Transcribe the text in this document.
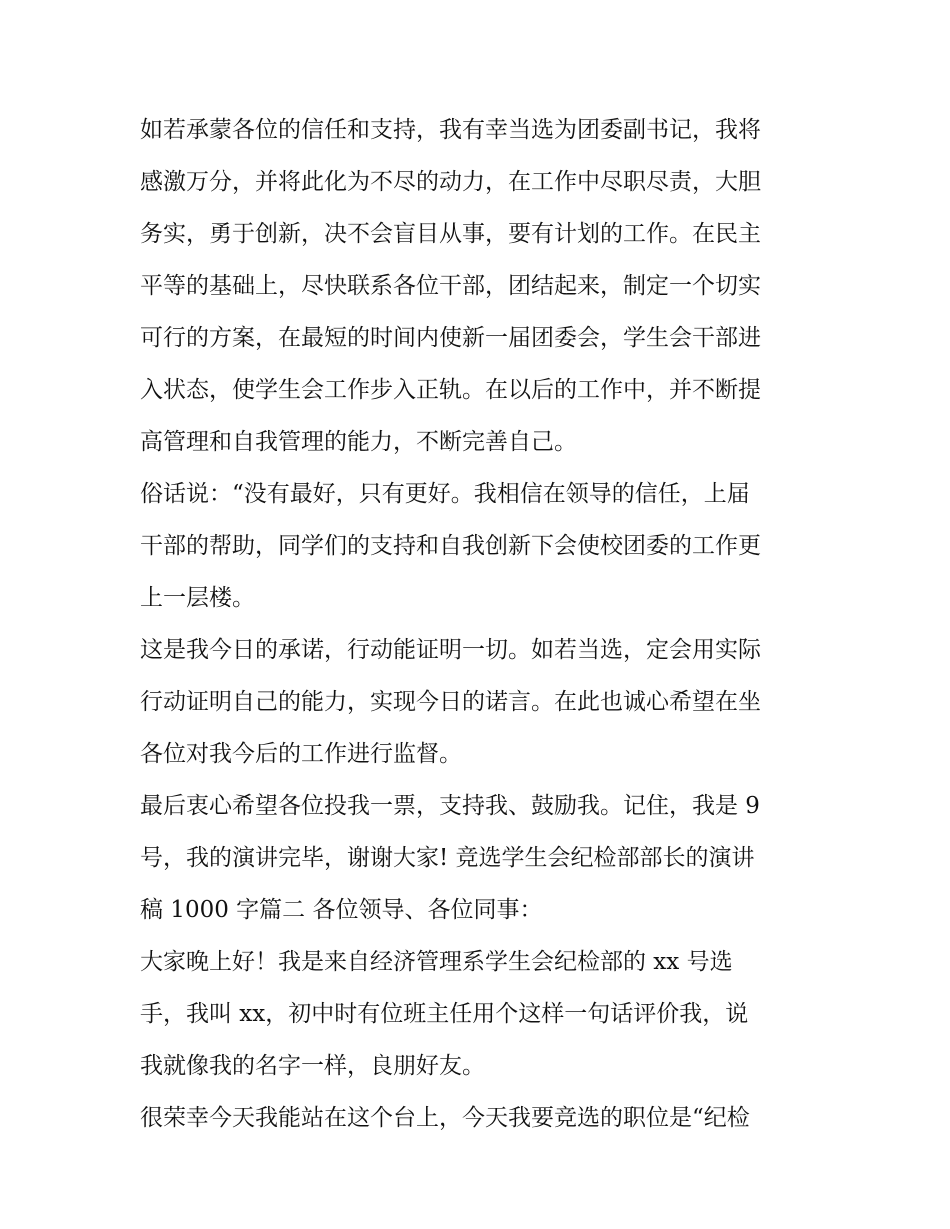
如若承蒙各位的信任和支持，我有幸当选为团委副书记，我将

感激万分，并将此化为不尽的动力，在工作中尽职尽责，大胆

务实，勇于创新，决不会盲目从事，要有计划的工作。在民主

平等的基础上，尽快联系各位干部，团结起来，制定一个切实

可行的方案，在最短的时间内使新一届团委会，学生会干部进

入状态，使学生会工作步入正轨。在以后的工作中，并不断提

高管理和自我管理的能力，不断完善自己。

俗话说：“没有最好，只有更好。我相信在领导的信任，上届

干部的帮助，同学们的支持和自我创新下会使校团委的工作更

上一层楼。

这是我今日的承诺，行动能证明一切。如若当选，定会用实际

行动证明自己的能力，实现今日的诺言。在此也诚心希望在坐

各位对我今后的工作进行监督。

最后衷心希望各位投我一票，支持我、鼓励我。记住，我是 9

号，我的演讲完毕，谢谢大家! 竞选学生会纪检部部长的演讲

稿 1000 字篇二 各位领导、各位同事：

大家晚上好！我是来自经济管理系学生会纪检部的 xx 号选

手，我叫 xx，初中时有位班主任用个这样一句话评价我，说

我就像我的名字一样，良朋好友。

很荣幸今天我能站在这个台上，今天我要竞选的职位是“纪检
